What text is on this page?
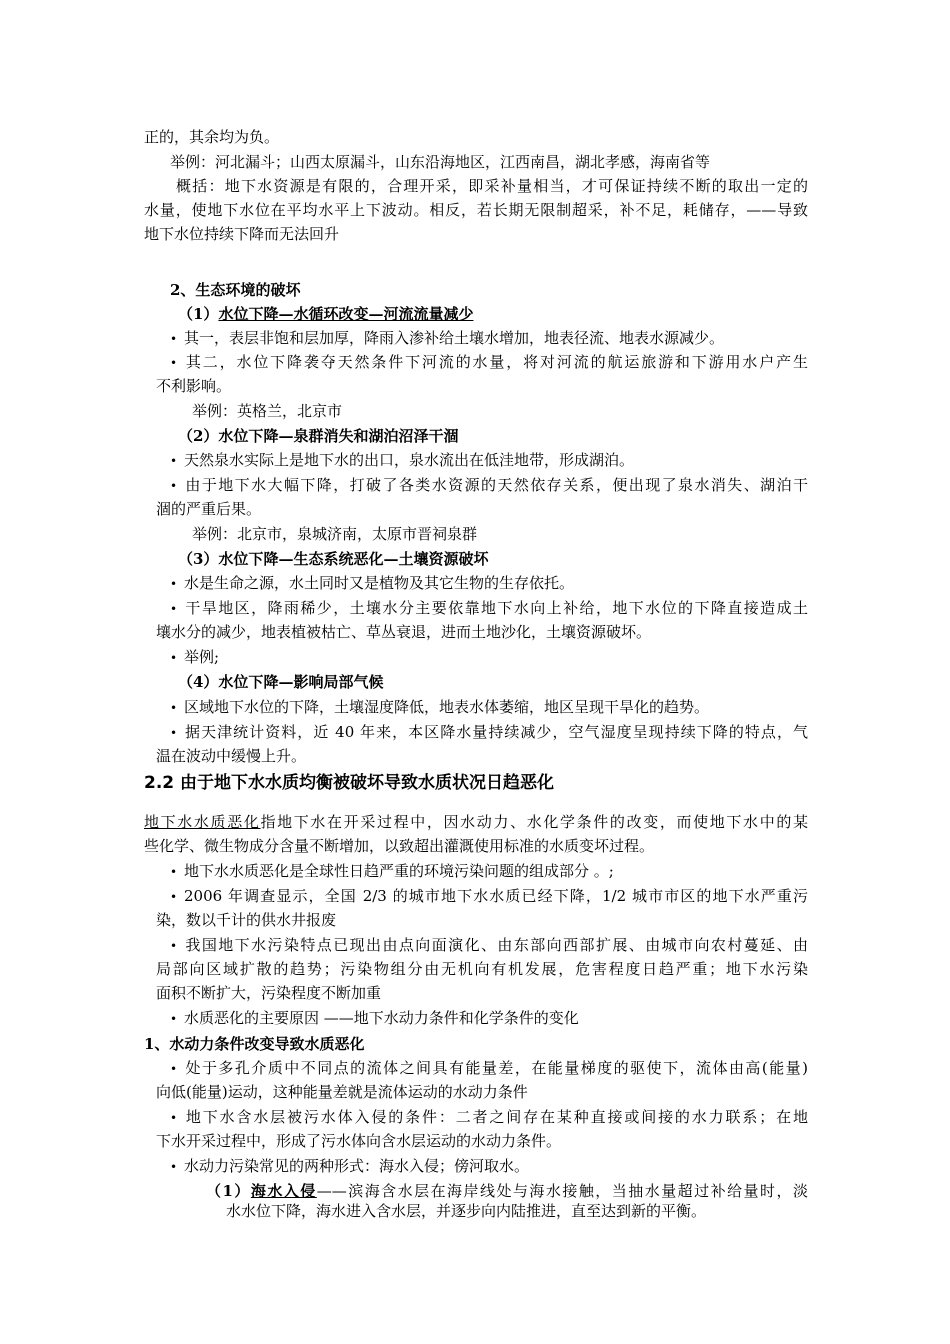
正的，其余均为负。
举例：河北漏斗；山西太原漏斗，山东沿海地区，江西南昌，湖北孝感，海南省等
概括：地下水资源是有限的，合理开采，即采补量相当，才可保证持续不断的取出一定的
水量，使地下水位在平均水平上下波动。相反，若长期无限制超采，补不足，耗储存，——导致
地下水位持续下降而无法回升
2、生态环境的破坏
（1）水位下降—水循环改变—河流流量减少
• 其一，表层非饱和层加厚，降雨入渗补给土壤水增加，地表径流、地表水源减少。
• 其二，水位下降袭夺天然条件下河流的水量，将对河流的航运旅游和下游用水户产生
不利影响。
举例：英格兰，北京市
（2）水位下降—泉群消失和湖泊沼泽干涸
• 天然泉水实际上是地下水的出口，泉水流出在低洼地带，形成湖泊。
• 由于地下水大幅下降，打破了各类水资源的天然依存关系，便出现了泉水消失、湖泊干
涸的严重后果。
举例：北京市，泉城济南，太原市晋祠泉群
（3）水位下降—生态系统恶化—土壤资源破坏
• 水是生命之源，水土同时又是植物及其它生物的生存依托。
• 干旱地区，降雨稀少，土壤水分主要依靠地下水向上补给，地下水位的下降直接造成土
壤水分的减少，地表植被枯亡、草丛衰退，进而土地沙化，土壤资源破坏。
• 举例;
（4）水位下降—影响局部气候
• 区域地下水位的下降，土壤湿度降低，地表水体萎缩，地区呈现干旱化的趋势。
• 据天津统计资料，近 40 年来，本区降水量持续减少，空气湿度呈现持续下降的特点，气
温在波动中缓慢上升。
2.2 由于地下水水质均衡被破坏导致水质状况日趋恶化
地下水水质恶化指地下水在开采过程中，因水动力、水化学条件的改变，而使地下水中的某
些化学、微生物成分含量不断增加，以致超出灌溉使用标准的水质变坏过程。
• 地下水水质恶化是全球性日趋严重的环境污染问题的组成部分 。;
• 2006 年调查显示，全国 2/3 的城市地下水水质已经下降，1/2 城市市区的地下水严重污
染，数以千计的供水井报废
• 我国地下水污染特点已现出由点向面演化、由东部向西部扩展、由城市向农村蔓延、由
局部向区域扩散的趋势；污染物组分由无机向有机发展，危害程度日趋严重；地下水污染
面积不断扩大，污染程度不断加重
• 水质恶化的主要原因 ——地下水动力条件和化学条件的变化
1、水动力条件改变导致水质恶化
• 处于多孔介质中不同点的流体之间具有能量差，在能量梯度的驱使下，流体由高(能量)
向低(能量)运动，这种能量差就是流体运动的水动力条件
• 地下水含水层被污水体入侵的条件：二者之间存在某种直接或间接的水力联系；在地
下水开采过程中，形成了污水体向含水层运动的水动力条件。
• 水动力污染常见的两种形式：海水入侵；傍河取水。
（1）海水入侵——滨海含水层在海岸线处与海水接触，当抽水量超过补给量时，淡
水水位下降，海水进入含水层，并逐步向内陆推进，直至达到新的平衡。
